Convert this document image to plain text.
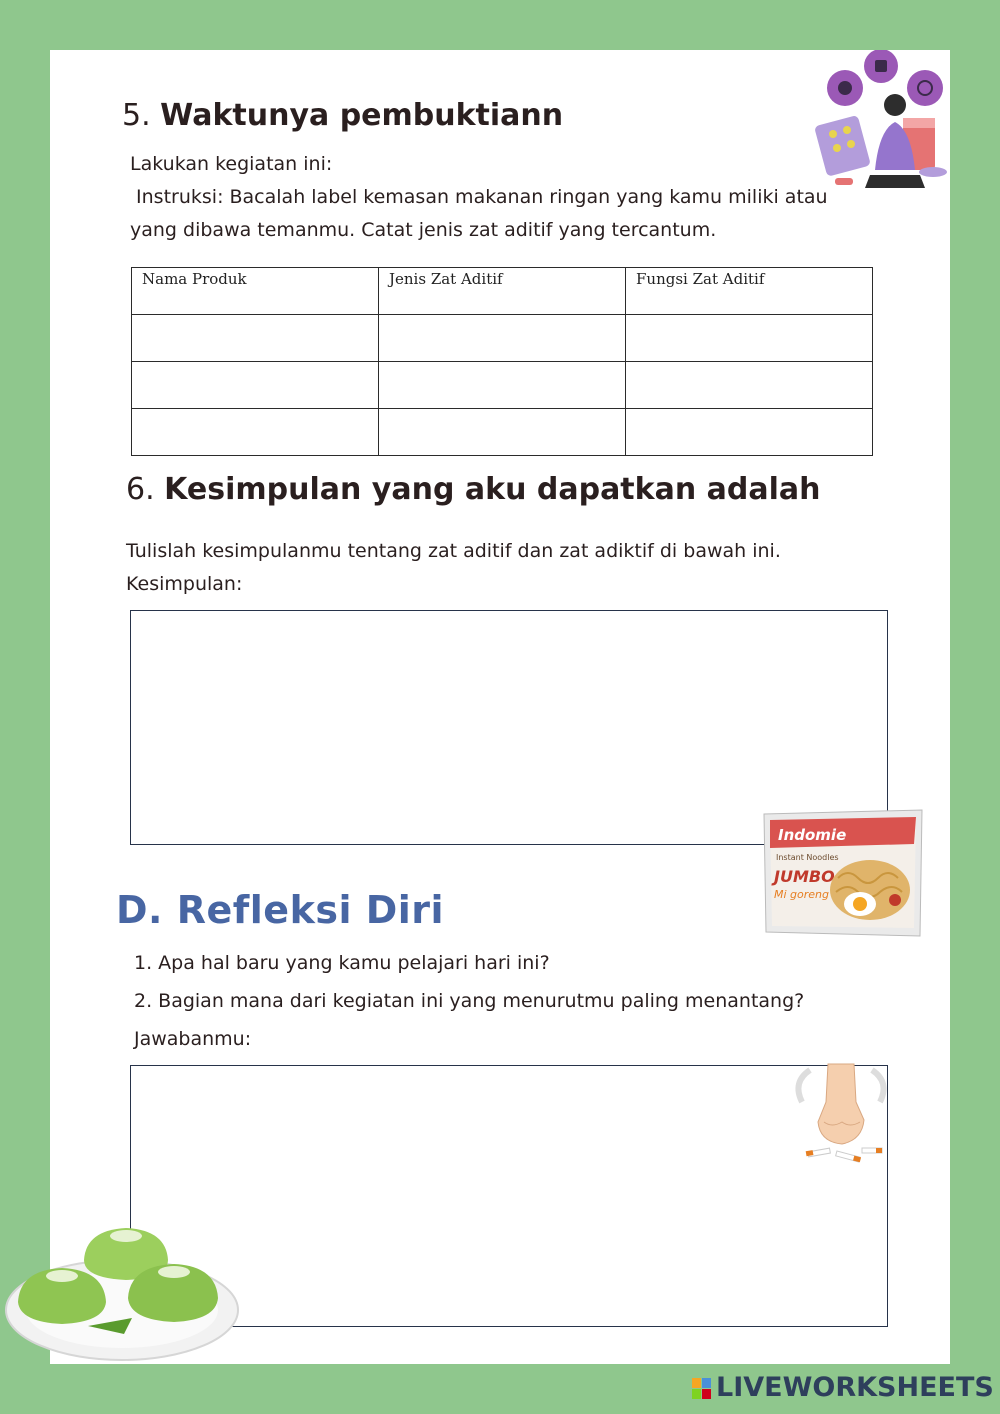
5. Waktunya pembuktiann
Lakukan kegiatan ini:
Instruksi: Bacalah label kemasan makanan ringan yang kamu miliki atau
yang dibawa temanmu. Catat jenis zat aditif yang tercantum.
Nama Produk	Jenis Zat Aditif	Fungsi Zat Aditif

6. Kesimpulan yang aku dapatkan adalah
Tulislah kesimpulanmu tentang zat aditif dan zat adiktif di bawah ini.
Kesimpulan:
Indomie
Instant Noodles
JUMBO
Mi goreng
D. Refleksi Diri
1. Apa hal baru yang kamu pelajari hari ini?
2. Bagian mana dari kegiatan ini yang menurutmu paling menantang?
Jawabanmu:
LIVEWORKSHEETS
